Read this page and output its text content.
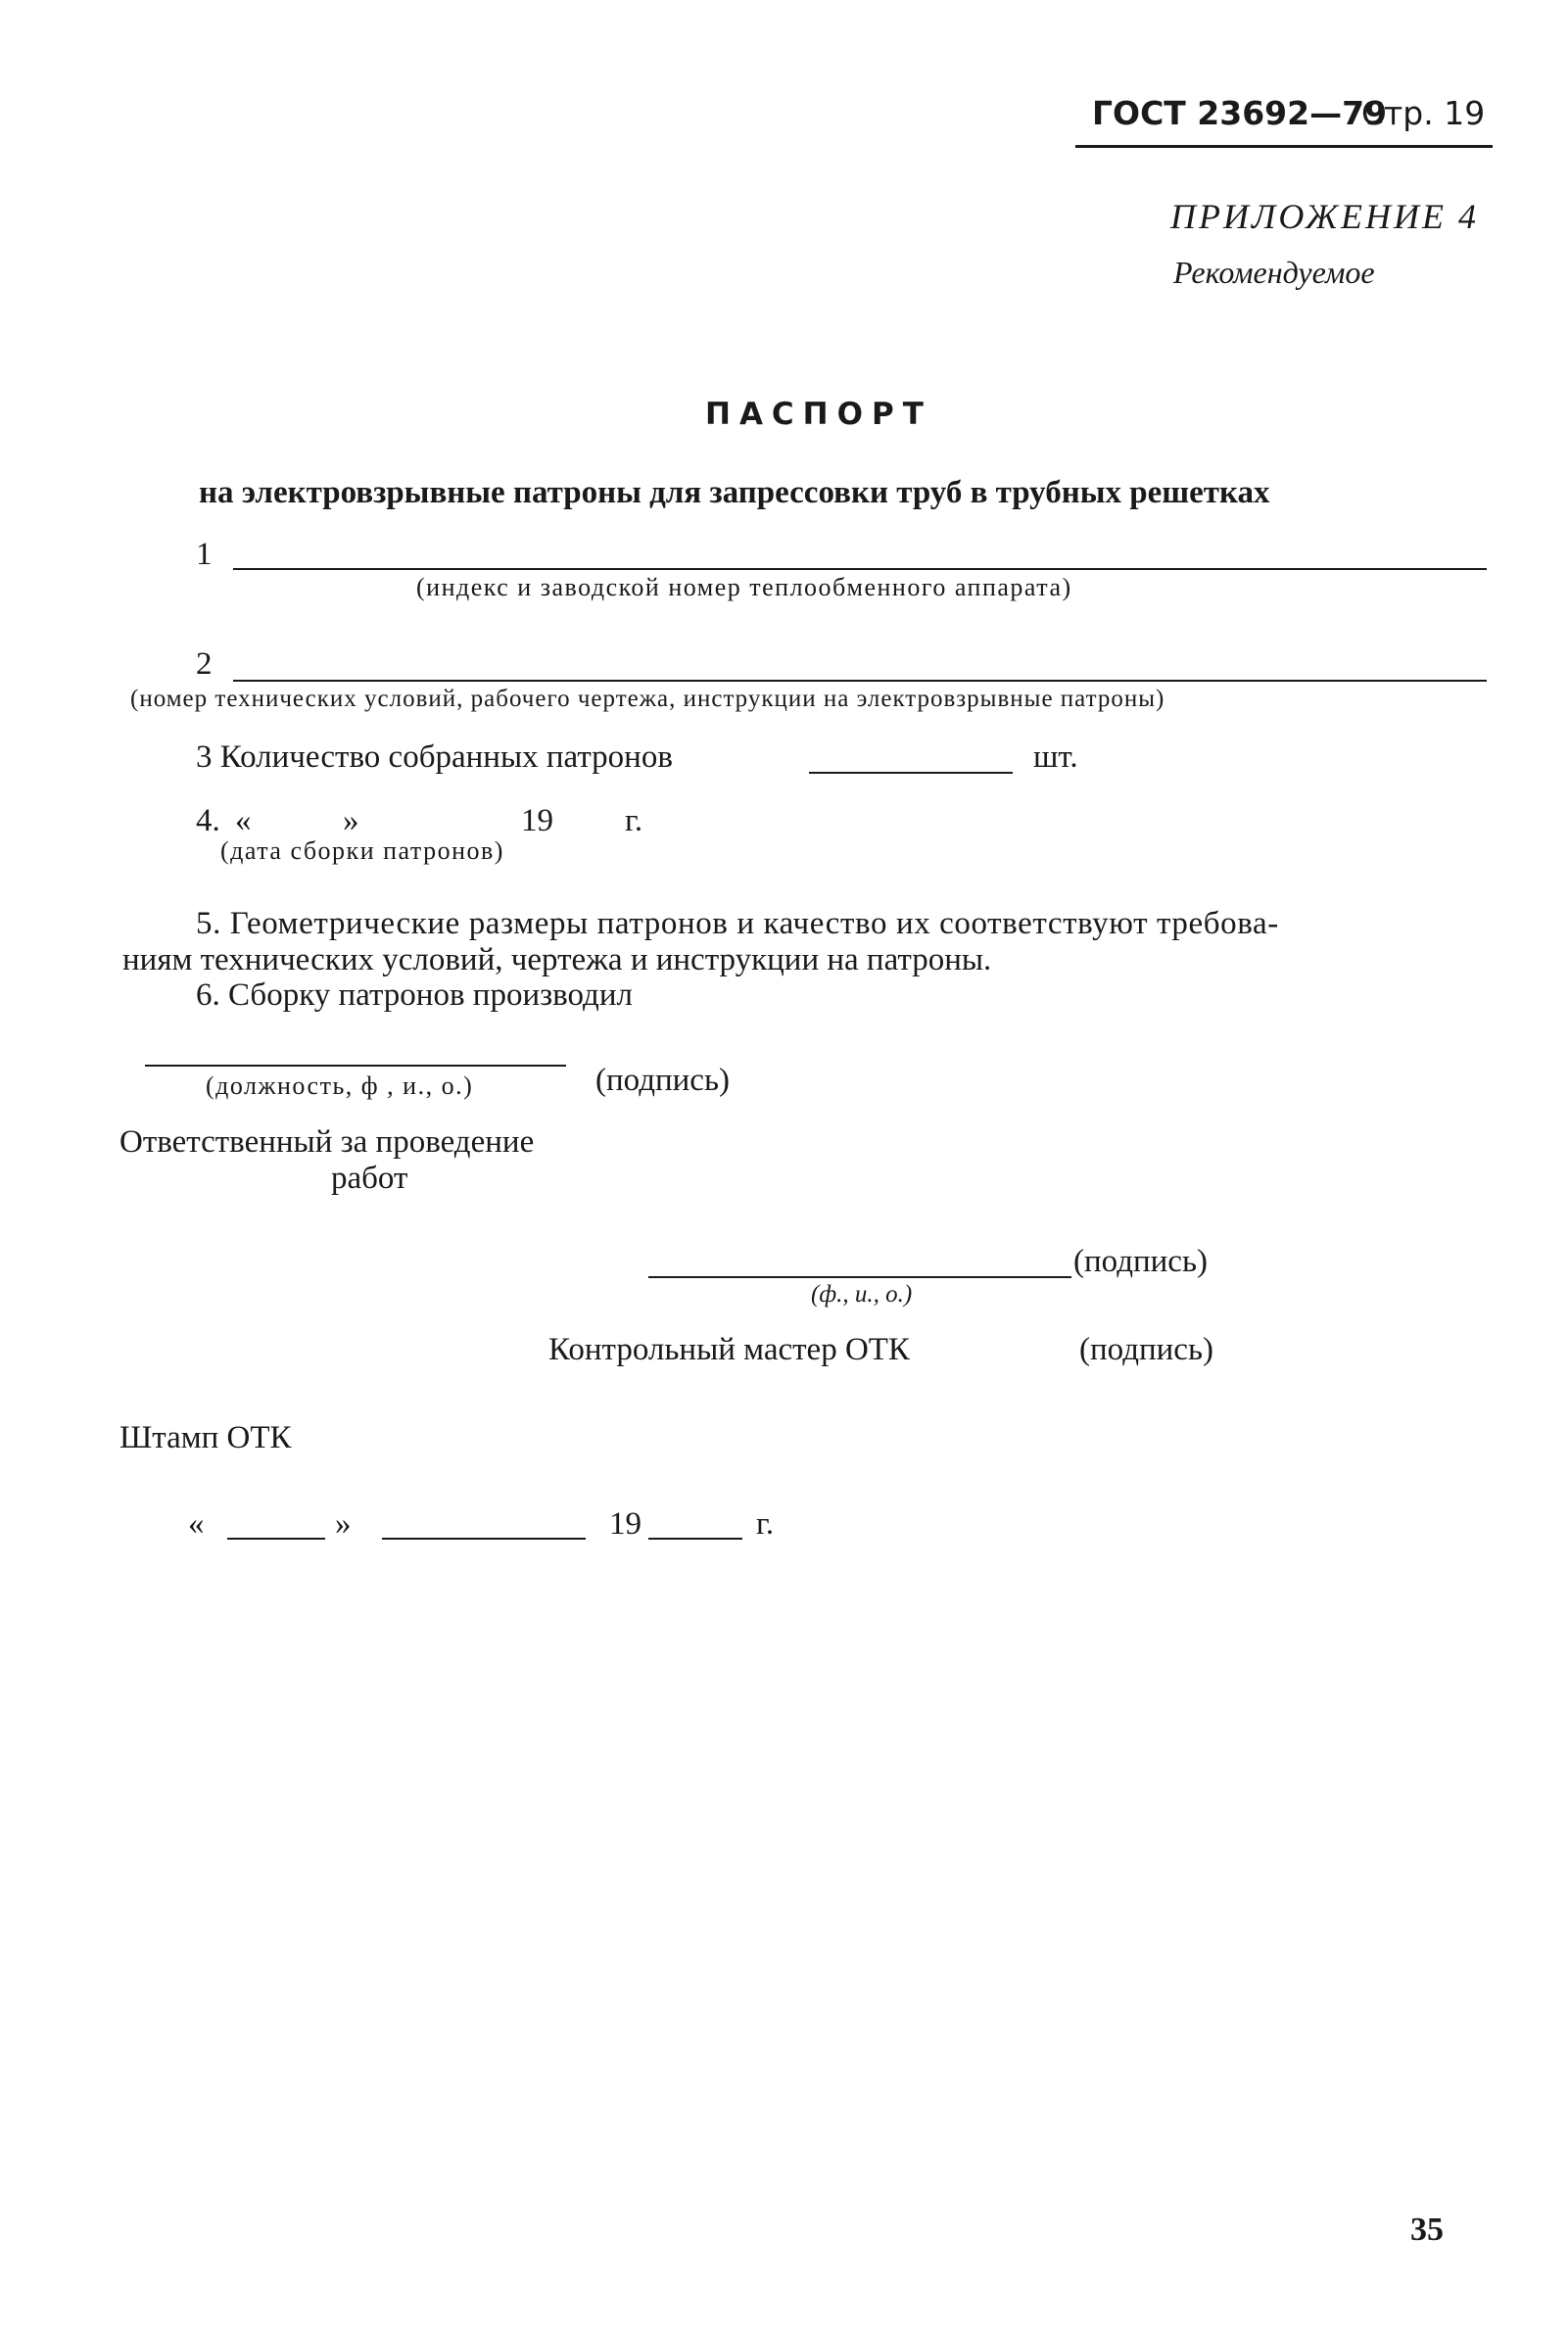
ГОСТ 23692—79
Стр. 19
ПРИЛОЖЕНИЕ 4
Рекомендуемое
ПАСПОРТ
на электровзрывные патроны для запрессовки труб в трубных решетках
1
(индекс и заводской номер теплообменного аппарата)
2
(номер технических условий, рабочего чертежа, инструкции на электровзрывные патроны)
3 Количество собранных патронов	шт.
4. «	»	19 г.
(дата сборки патронов)
5. Геометрические размеры патронов и качество их соответствуют требова-
ниям технических условий, чертежа и инструкции на патроны.
6. Сборку патронов производил
(должность, ф , и., о.)	(подпись)
Ответственный за проведение
работ
(подпись)
(ф., и., о.)
Контрольный мастер ОТК	(подпись)
Штамп ОТК
«	»	19	г.
35
